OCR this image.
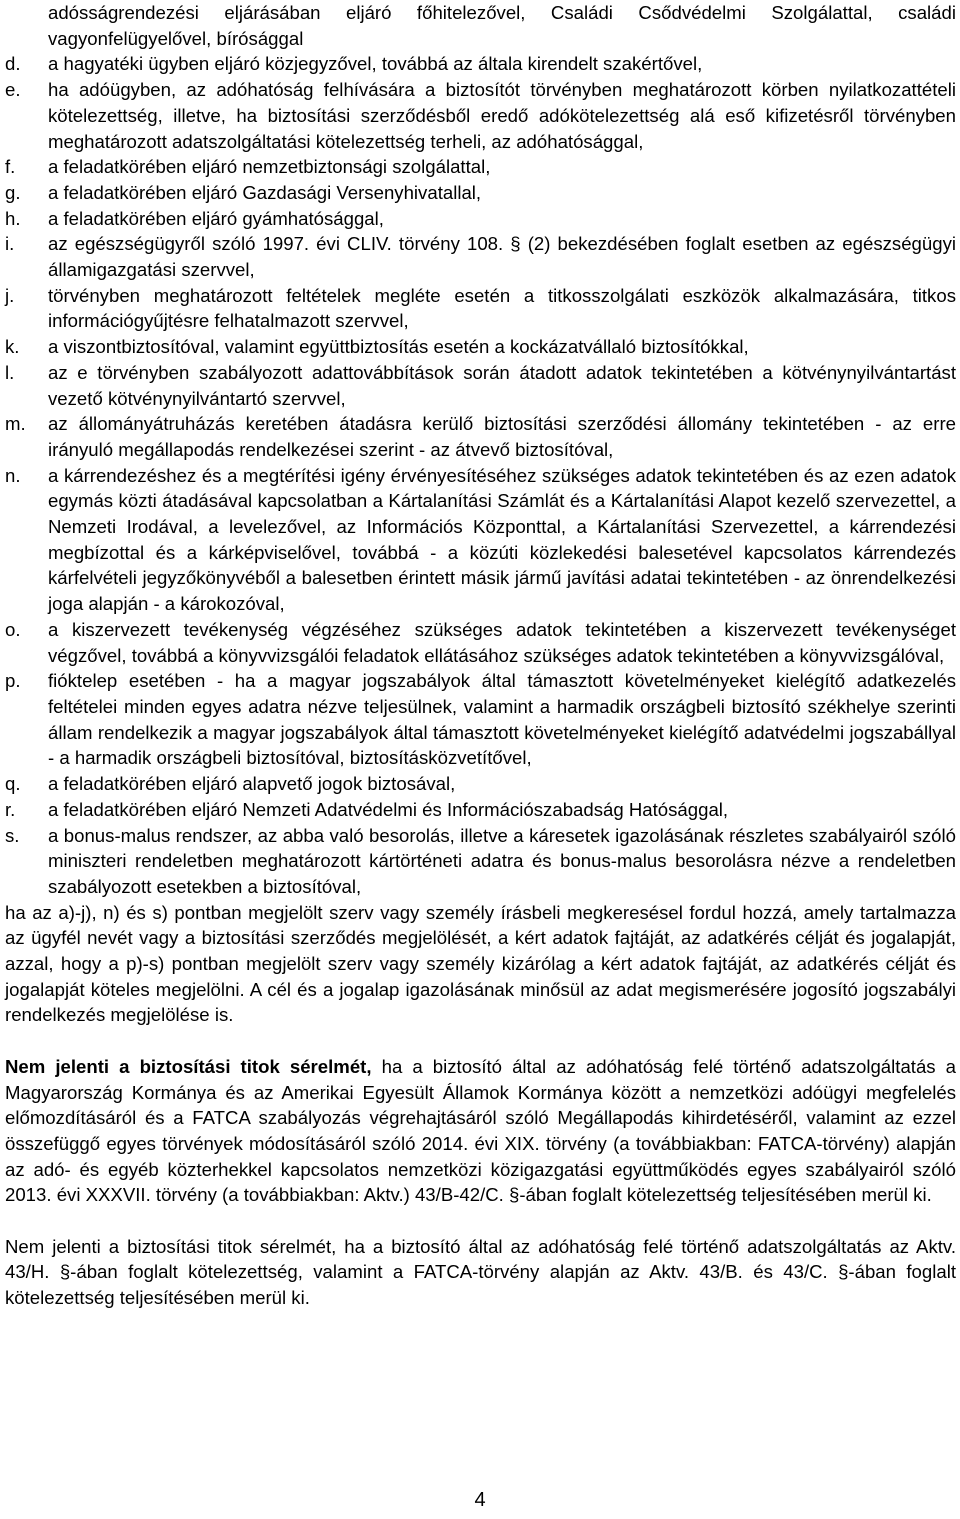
adósságrendezési eljárásában eljáró főhitelezővel, Családi Csődvédelmi Szolgálattal, családi vagyonfelügyelővel, bírósággal
d. a hagyatéki ügyben eljáró közjegyzővel, továbbá az általa kirendelt szakértővel,
e. ha adóügyben, az adóhatóság felhívására a biztosítót törvényben meghatározott körben nyilatkozattételi kötelezettség, illetve, ha biztosítási szerződésből eredő adókötelezettség alá eső kifizetésről törvényben meghatározott adatszolgáltatási kötelezettség terheli, az adóhatósággal,
f. a feladatkörében eljáró nemzetbiztonsági szolgálattal,
g. a feladatkörében eljáró Gazdasági Versenyhivatallal,
h. a feladatkörében eljáró gyámhatósággal,
i. az egészségügyről szóló 1997. évi CLIV. törvény 108. § (2) bekezdésében foglalt esetben az egészségügyi államigazgatási szervvel,
j. törvényben meghatározott feltételek megléte esetén a titkosszolgálati eszközök alkalmazására, titkos információgyűjtésre felhatalmazott szervvel,
k. a viszontbiztosítóval, valamint együttbiztosítás esetén a kockázatvállaló biztosítókkal,
l. az e törvényben szabályozott adattovábbítások során átadott adatok tekintetében a kötvénynyilvántartást vezető kötvénynyilvántartó szervvel,
m. az állományátruházás keretében átadásra kerülő biztosítási szerződési állomány tekintetében - az erre irányuló megállapodás rendelkezései szerint - az átvevő biztosítóval,
n. a kárrendezéshez és a megtérítési igény érvényesítéséhez szükséges adatok tekintetében és az ezen adatok egymás közti átadásával kapcsolatban a Kártalanítási Számlát és a Kártalanítási Alapot kezelő szervezettel, a Nemzeti Irodával, a levelezővel, az Információs Központtal, a Kártalanítási Szervezettel, a kárrendezési megbízottal és a kárképviselővel, továbbá - a közúti közlekedési balesetével kapcsolatos kárrendezés kárfelvételi jegyzőkönyvéből a balesetben érintett másik jármű javítási adatai tekintetében - az önrendelkezési joga alapján - a károkozóval,
o. a kiszervezett tevékenység végzéséhez szükséges adatok tekintetében a kiszervezett tevékenységet végzővel, továbbá a könyvvizsgálói feladatok ellátásához szükséges adatok tekintetében a könyvvizsgálóval,
p. fióktelep esetében - ha a magyar jogszabályok által támasztott követelményeket kielégítő adatkezelés feltételei minden egyes adatra nézve teljesülnek, valamint a harmadik országbeli biztosító székhelye szerinti állam rendelkezik a magyar jogszabályok által támasztott követelményeket kielégítő adatvédelmi jogszabállyal - a harmadik országbeli biztosítóval, biztosításközvetítővel,
q. a feladatkörében eljáró alapvető jogok biztosával,
r. a feladatkörében eljáró Nemzeti Adatvédelmi és Információszabadság Hatósággal,
s. a bonus-malus rendszer, az abba való besorolás, illetve a káresetek igazolásának részletes szabályairól szóló miniszteri rendeletben meghatározott kártörténeti adatra és bonus-malus besorolásra nézve a rendeletben szabályozott esetekben a biztosítóval,

ha az a)-j), n) és s) pontban megjelölt szerv vagy személy írásbeli megkeresésel fordul hozzá, amely tartalmazza az ügyfél nevét vagy a biztosítási szerződés megjelölését, a kért adatok fajtáját, az adatkérés célját és jogalapját, azzal, hogy a p)-s) pontban megjelölt szerv vagy személy kizárólag a kért adatok fajtáját, az adatkérés célját és jogalapját köteles megjelölni. A cél és a jogalap igazolásának minősül az adat megismerésére jogosító jogszabályi rendelkezés megjelölése is.

Nem jelenti a biztosítási titok sérelmét, ha a biztosító által az adóhatóság felé történő adatszolgáltatás a Magyarország Kormánya és az Amerikai Egyesült Államok Kormánya között a nemzetközi adóügyi megfelelés előmozdításáról és a FATCA szabályozás végrehajtásáról szóló Megállapodás kihirdetéséről, valamint az ezzel összefüggő egyes törvények módosításáról szóló 2014. évi XIX. törvény (a továbbiakban: FATCA-törvény) alapján az adó- és egyéb közterhekkel kapcsolatos nemzetközi közigazgatási együttműködés egyes szabályairól szóló 2013. évi XXXVII. törvény (a továbbiakban: Aktv.) 43/B-42/C. §-ában foglalt kötelezettség teljesítésében merül ki.

Nem jelenti a biztosítási titok sérelmét, ha a biztosító által az adóhatóság felé történő adatszolgáltatás az Aktv. 43/H. §-ában foglalt kötelezettség, valamint a FATCA-törvény alapján az Aktv. 43/B. és 43/C. §-ában foglalt kötelezettség teljesítésében merül ki.

4
